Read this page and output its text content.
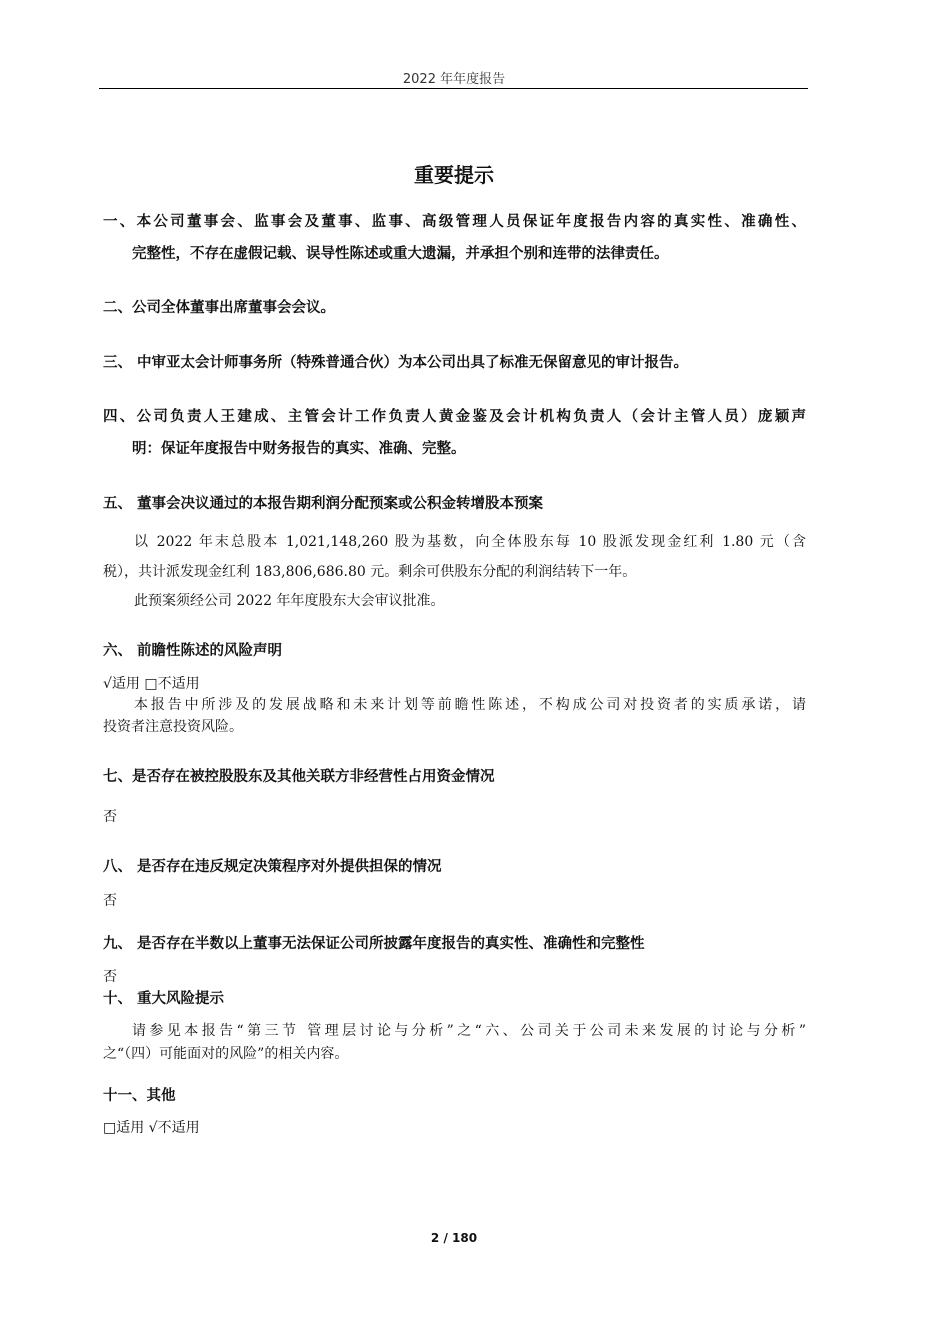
2022 年年度报告
重要提示
一、本公司董事会、监事会及董事、监事、高级管理人员保证年度报告内容的真实性、准确性、
完整性，不存在虚假记载、误导性陈述或重大遗漏，并承担个别和连带的法律责任。
二、公司全体董事出席董事会会议。
三、 中审亚太会计师事务所（特殊普通合伙）为本公司出具了标准无保留意见的审计报告。
四、公司负责人王建成、主管会计工作负责人黄金鉴及会计机构负责人（会计主管人员）庞颖声
明：保证年度报告中财务报告的真实、准确、完整。
五、 董事会决议通过的本报告期利润分配预案或公积金转增股本预案
以 2022 年末总股本 1,021,148,260 股为基数，向全体股东每 10 股派发现金红利 1.80 元（含
税），共计派发现金红利 183,806,686.80 元。剩余可供股东分配的利润结转下一年。
此预案须经公司 2022 年年度股东大会审议批准。
六、 前瞻性陈述的风险声明
√适用 □不适用
本报告中所涉及的发展战略和未来计划等前瞻性陈述，不构成公司对投资者的实质承诺，请
投资者注意投资风险。
七、是否存在被控股股东及其他关联方非经营性占用资金情况
否
八、 是否存在违反规定决策程序对外提供担保的情况
否
九、 是否存在半数以上董事无法保证公司所披露年度报告的真实性、准确性和完整性
否
十、 重大风险提示
请参见本报告“第三节 管理层讨论与分析”之“六、公司关于公司未来发展的讨论与分析”
之“（四）可能面对的风险”的相关内容。
十一、其他
□适用 √不适用
2 / 180
